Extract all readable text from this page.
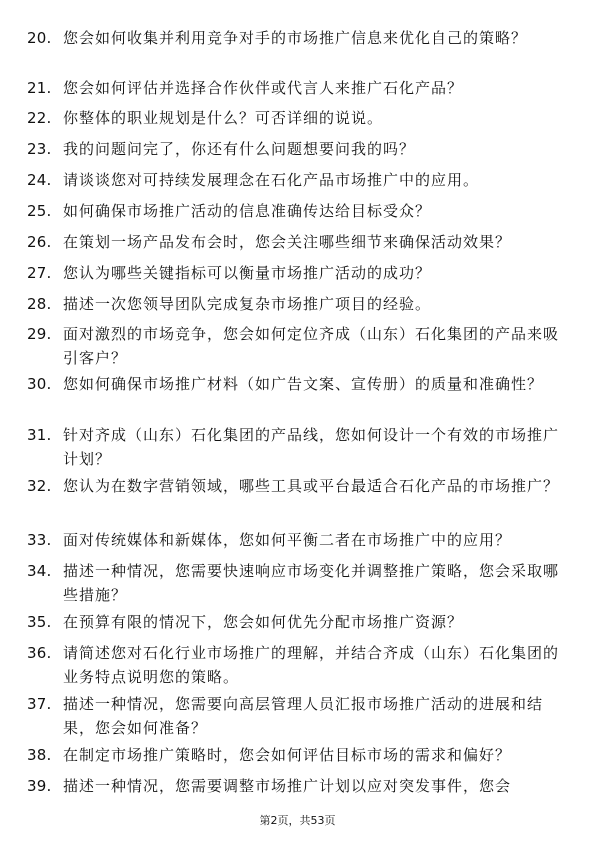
20. 您会如何收集并利用竞争对手的市场推广信息来优化自己的策略？
21. 您会如何评估并选择合作伙伴或代言人来推广石化产品？
22. 你整体的职业规划是什么？可否详细的说说。
23. 我的问题问完了，你还有什么问题想要问我的吗？
24. 请谈谈您对可持续发展理念在石化产品市场推广中的应用。
25. 如何确保市场推广活动的信息准确传达给目标受众？
26. 在策划一场产品发布会时，您会关注哪些细节来确保活动效果？
27. 您认为哪些关键指标可以衡量市场推广活动的成功？
28. 描述一次您领导团队完成复杂市场推广项目的经验。
29. 面对激烈的市场竞争，您会如何定位齐成（山东）石化集团的产品来吸引客户？
30. 您如何确保市场推广材料（如广告文案、宣传册）的质量和准确性？
31. 针对齐成（山东）石化集团的产品线，您如何设计一个有效的市场推广计划？
32. 您认为在数字营销领域，哪些工具或平台最适合石化产品的市场推广？
33. 面对传统媒体和新媒体，您如何平衡二者在市场推广中的应用？
34. 描述一种情况，您需要快速响应市场变化并调整推广策略，您会采取哪些措施？
35. 在预算有限的情况下，您会如何优先分配市场推广资源？
36. 请简述您对石化行业市场推广的理解，并结合齐成（山东）石化集团的业务特点说明您的策略。
37. 描述一种情况，您需要向高层管理人员汇报市场推广活动的进展和结果，您会如何准备？
38. 在制定市场推广策略时，您会如何评估目标市场的需求和偏好？
39. 描述一种情况，您需要调整市场推广计划以应对突发事件，您会
第2页，共53页
